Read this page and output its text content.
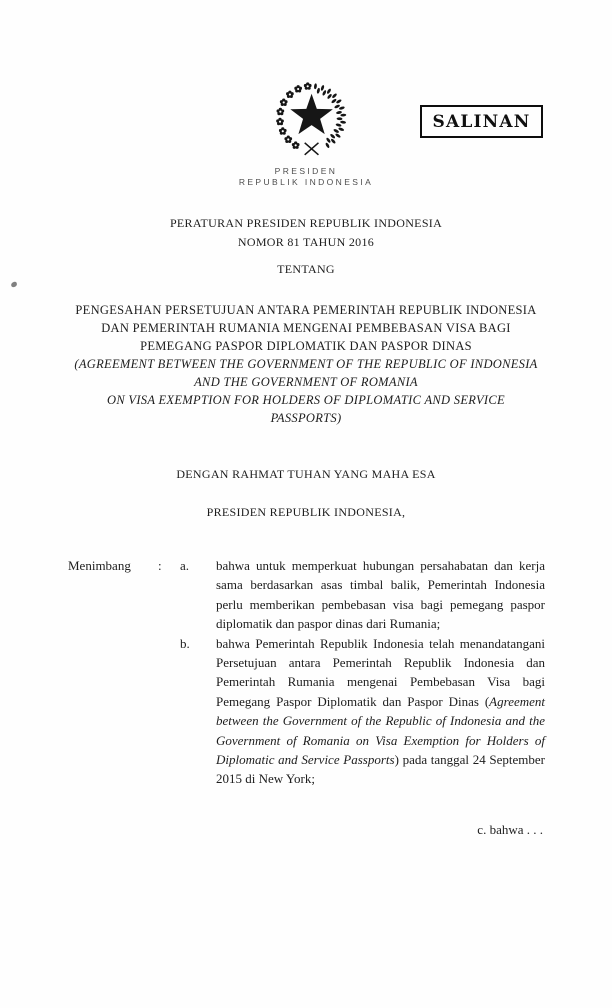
SALINAN
PRESIDEN
REPUBLIK INDONESIA
PERATURAN PRESIDEN REPUBLIK INDONESIA
NOMOR 81 TAHUN 2016
TENTANG
PENGESAHAN PERSETUJUAN ANTARA PEMERINTAH REPUBLIK INDONESIA
DAN PEMERINTAH RUMANIA MENGENAI PEMBEBASAN VISA BAGI
PEMEGANG PASPOR DIPLOMATIK DAN PASPOR DINAS
(AGREEMENT BETWEEN THE GOVERNMENT OF THE REPUBLIC OF INDONESIA
AND THE GOVERNMENT OF ROMANIA
ON VISA EXEMPTION FOR HOLDERS OF DIPLOMATIC AND SERVICE
PASSPORTS)
DENGAN RAHMAT TUHAN YANG MAHA ESA
PRESIDEN REPUBLIK INDONESIA,
Menimbang	:	a.	bahwa untuk memperkuat hubungan persahabatan dan kerja sama berdasarkan asas timbal balik, Pemerintah Indonesia perlu memberikan pembebasan visa bagi pemegang paspor diplomatik dan paspor dinas dari Rumania;

b.	bahwa Pemerintah Republik Indonesia telah menandatangani Persetujuan antara Pemerintah Republik Indonesia dan Pemerintah Rumania mengenai Pembebasan Visa bagi Pemegang Paspor Diplomatik dan Paspor Dinas (Agreement between the Government of the Republic of Indonesia and the Government of Romania on Visa Exemption for Holders of Diplomatic and Service Passports) pada tanggal 24 September 2015 di New York;

c. bahwa . . .
